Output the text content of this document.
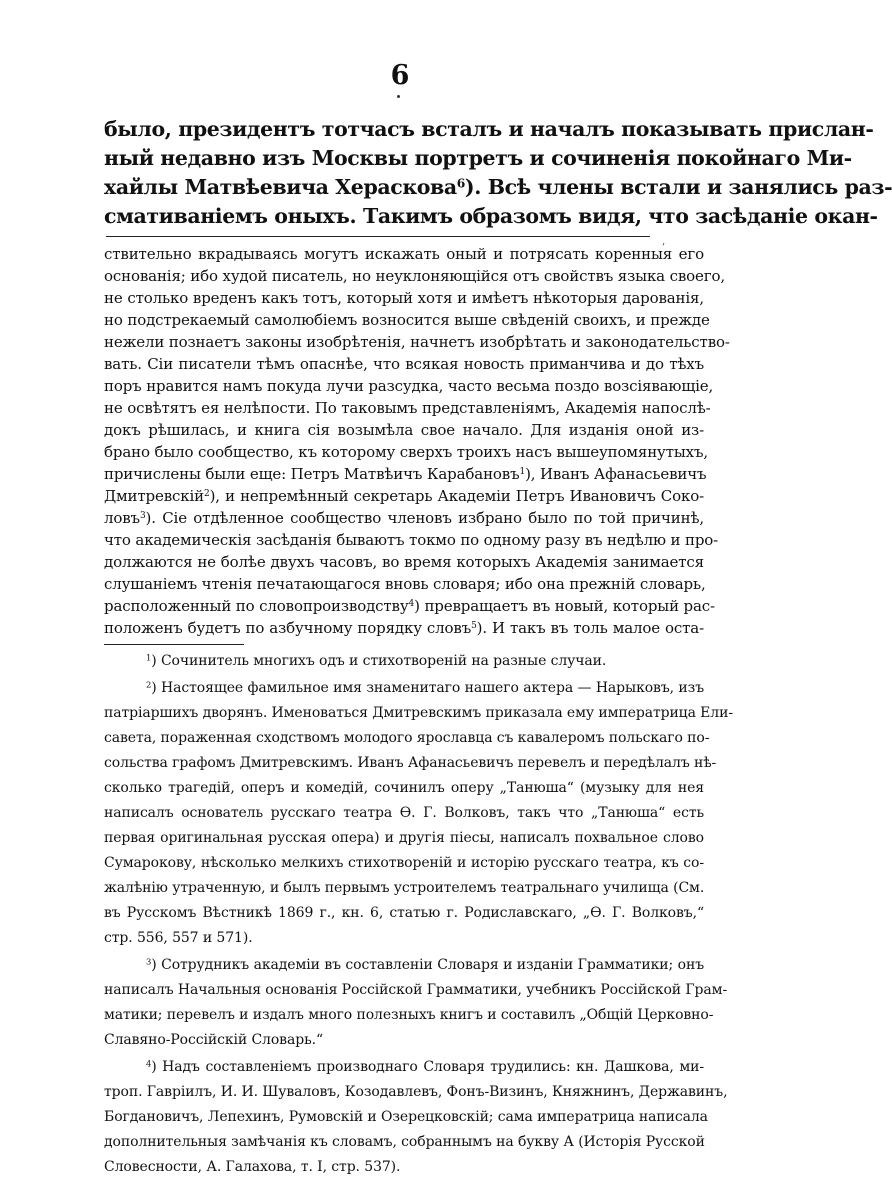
6
было, президентъ тотчасъ всталъ и началъ показывать прислан-
ный недавно изъ Москвы портретъ и сочиненія покойнаго Ми-
хайлы Матвѣевича Хераскова$^6$). Всѣ члены встали и занялись раз-
смативаніемъ оныхъ. Такимъ образомъ видя, что засѣданіе окан-
‚
ствительно вкрадываясь могутъ искажать оный и потрясать коренныя его
основанія; ибо худой писатель, но неуклоняющійся отъ свойствъ языка своего,
не столько вреденъ какъ тотъ, который хотя и имѣетъ нѣкоторыя дарованія,
но подстрекаемый самолюбіемъ возносится выше свѣденій своихъ, и прежде
нежели познаетъ законы изобрѣтенія, начнетъ изобрѣтать и законодательство-
вать. Сіи писатели тѣмъ опаснѣе, что всякая новость приманчива и до тѣхъ
поръ нравится намъ покуда лучи разсудка, часто весьма поздо возсіявающіе,
не освѣтятъ ея нелѣпости. По таковымъ представленіямъ, Академія напослѣ-
докъ рѣшилась, и книга сія возымѣла свое начало. Для изданія оной из-
брано было сообщество, къ которому сверхъ троихъ насъ вышеупомянутыхъ,
причислены были еще: Петръ Матвѣичъ Карабановъ$^1$), Иванъ Афанасьевичъ
Дмитревскій$^2$), и непремѣнный секретарь Академіи Петръ Ивановичъ Соко-
ловъ$^3$). Сіе отдѣленное сообщество членовъ избрано было по той причинѣ,
что академическія засѣданія бываютъ токмо по одному разу въ недѣлю и про-
должаются не болѣе двухъ часовъ, во время которыхъ Академія занимается
слушаніемъ чтенія печатающагося вновь словаря; ибо она прежній словарь,
расположенный по словопроизводству$^4$) превращаетъ въ новый, который рас-
положенъ будетъ по азбучному порядку словъ$^5$). И такъ въ толь малое оста-
$^1$) Сочинитель многихъ одъ и стихотвореній на разные случаи.
$^2$) Настоящее фамильное имя знаменитаго нашего актера — Нарыковъ, изъ
патріаршихъ дворянъ. Именоваться Дмитревскимъ приказала ему императрица Ели-
савета, пораженная сходствомъ молодого ярославца съ кавалеромъ польскаго по-
сольства графомъ Дмитревскимъ. Иванъ Афанасьевичъ перевелъ и передѣлалъ нѣ-
сколько трагедій, оперъ и комедій, сочинилъ оперу „Танюша“ (музыку для нея
написалъ основатель русскаго театра Ѳ. Г. Волковъ, такъ что „Танюша“ есть
первая оригинальная русская опера) и другія піесы, написалъ похвальное слово
Сумарокову, нѣсколько мелкихъ стихотвореній и исторію русскаго театра, къ со-
жалѣнію утраченную, и былъ первымъ устроителемъ театральнаго училища (См.
въ Русскомъ Вѣстникѣ 1869 г., кн. 6, статью г. Родиславскаго, „Ѳ. Г. Волковъ,“
стр. 556, 557 и 571).
$^3$) Сотрудникъ академіи въ составленіи Словаря и изданіи Грамматики; онъ
написалъ Начальныя основанія Россійской Грамматики, учебникъ Россійской Грам-
матики; перевелъ и издалъ много полезныхъ книгъ и составилъ „Общій Церковно-
Славяно-Россійскій Словарь.“
$^4$) Надъ составленіемъ производнаго Словаря трудились: кн. Дашкова, ми-
троп. Гавріилъ, И. И. Шуваловъ, Козодавлевъ, Фонъ-Визинъ, Княжнинъ, Державинъ,
Богдановичъ, Лепехинъ, Румовскій и Озерецковскій; сама императрица написала
дополнительныя замѣчанія къ словамъ, собраннымъ на букву А (Исторія Русской
Словесности, А. Галахова, т. I, стр. 537).
